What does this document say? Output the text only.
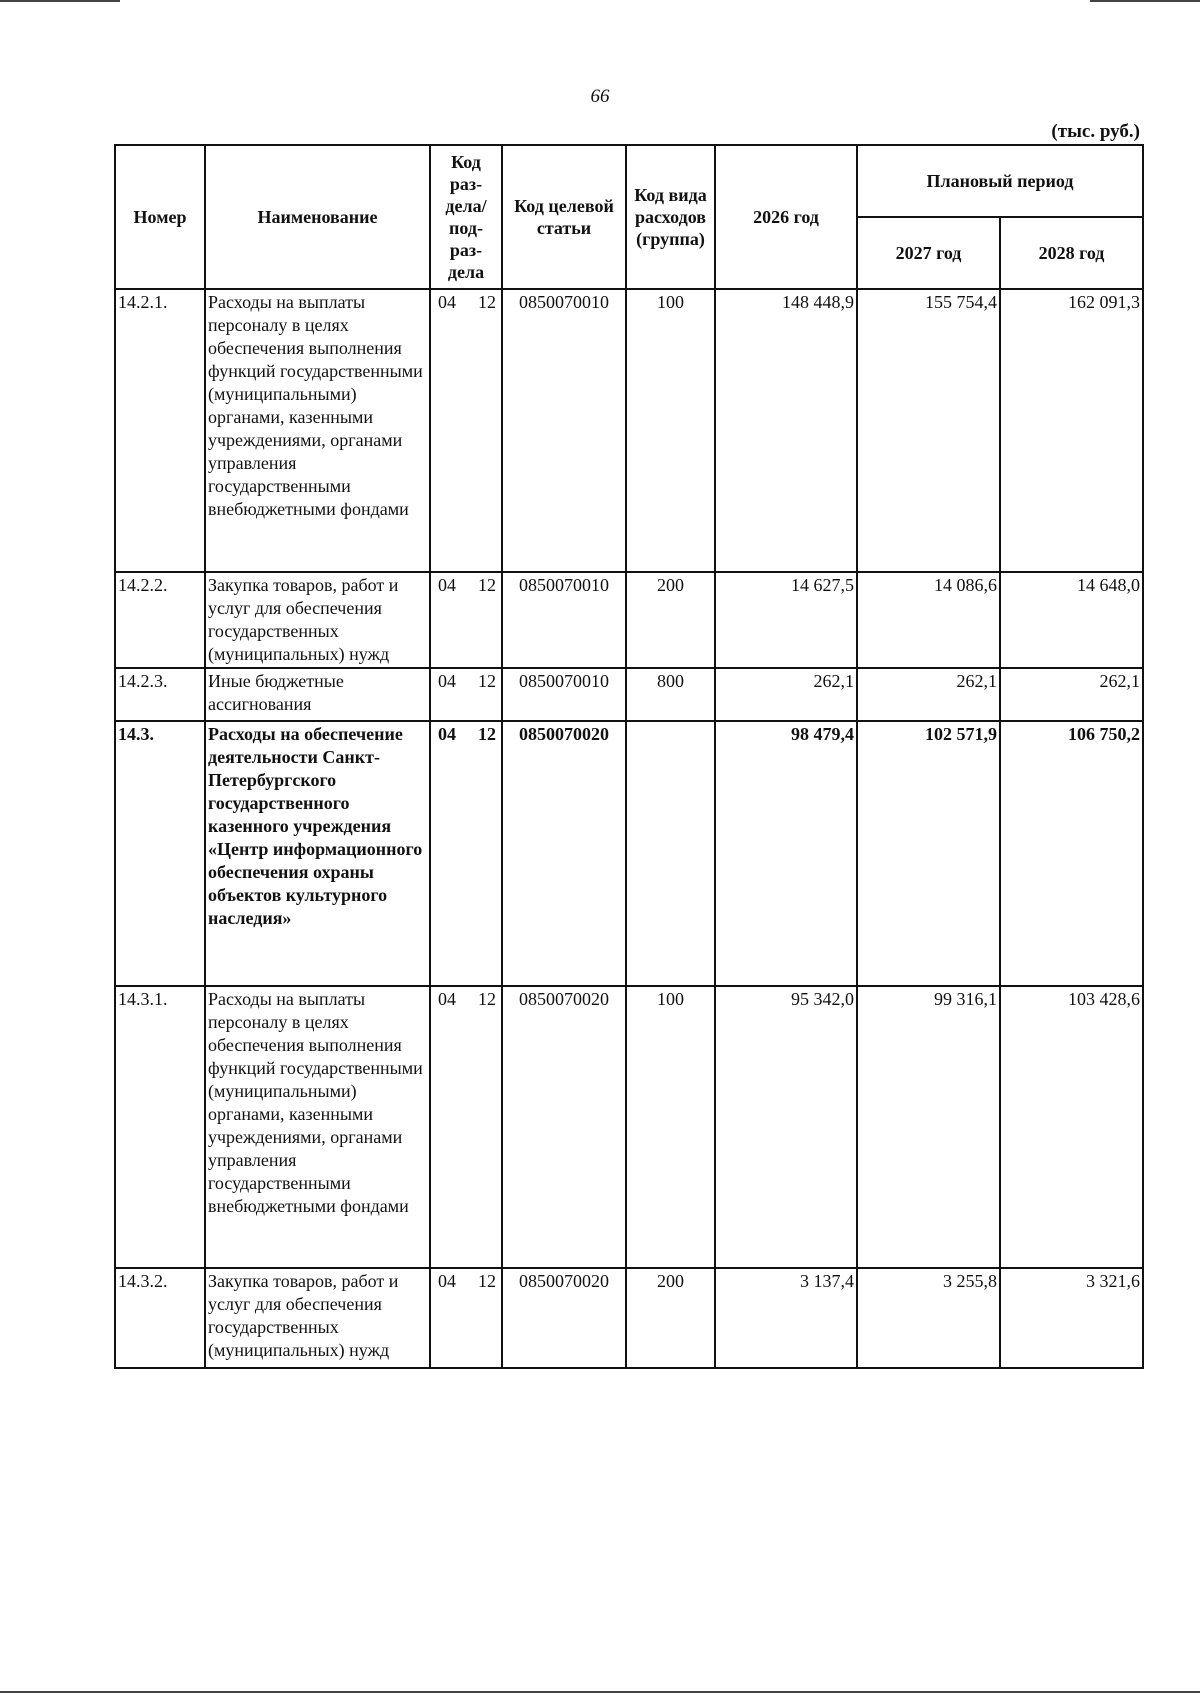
66
(тыс. руб.)
Номер	Наименование	Код раз-дела/ под-раз-дела	Код целевой статьи	Код вида расходов (группа)	2026 год	Плановый период	
						2027 год	2028 год
14.2.1.	Расходы на выплаты персоналу в целях обеспечения выполнения функций государственными (муниципальными) органами, казенными учреждениями, органами управления государственными внебюджетными фондами	04 12	0850070010	100	148 448,9	155 754,4	162 091,3
14.2.2.	Закупка товаров, работ и услуг для обеспечения государственных (муниципальных) нужд	04 12	0850070010	200	14 627,5	14 086,6	14 648,0
14.2.3.	Иные бюджетные ассигнования	04 12	0850070010	800	262,1	262,1	262,1
14.3.	Расходы на обеспечение деятельности Санкт-Петербургского государственного казенного учреждения «Центр информационного обеспечения охраны объектов культурного наследия»	04 12	0850070020		98 479,4	102 571,9	106 750,2
14.3.1.	Расходы на выплаты персоналу в целях обеспечения выполнения функций государственными (муниципальными) органами, казенными учреждениями, органами управления государственными внебюджетными фондами	04 12	0850070020	100	95 342,0	99 316,1	103 428,6
14.3.2.	Закупка товаров, работ и услуг для обеспечения государственных (муниципальных) нужд	04 12	0850070020	200	3 137,4	3 255,8	3 321,6
